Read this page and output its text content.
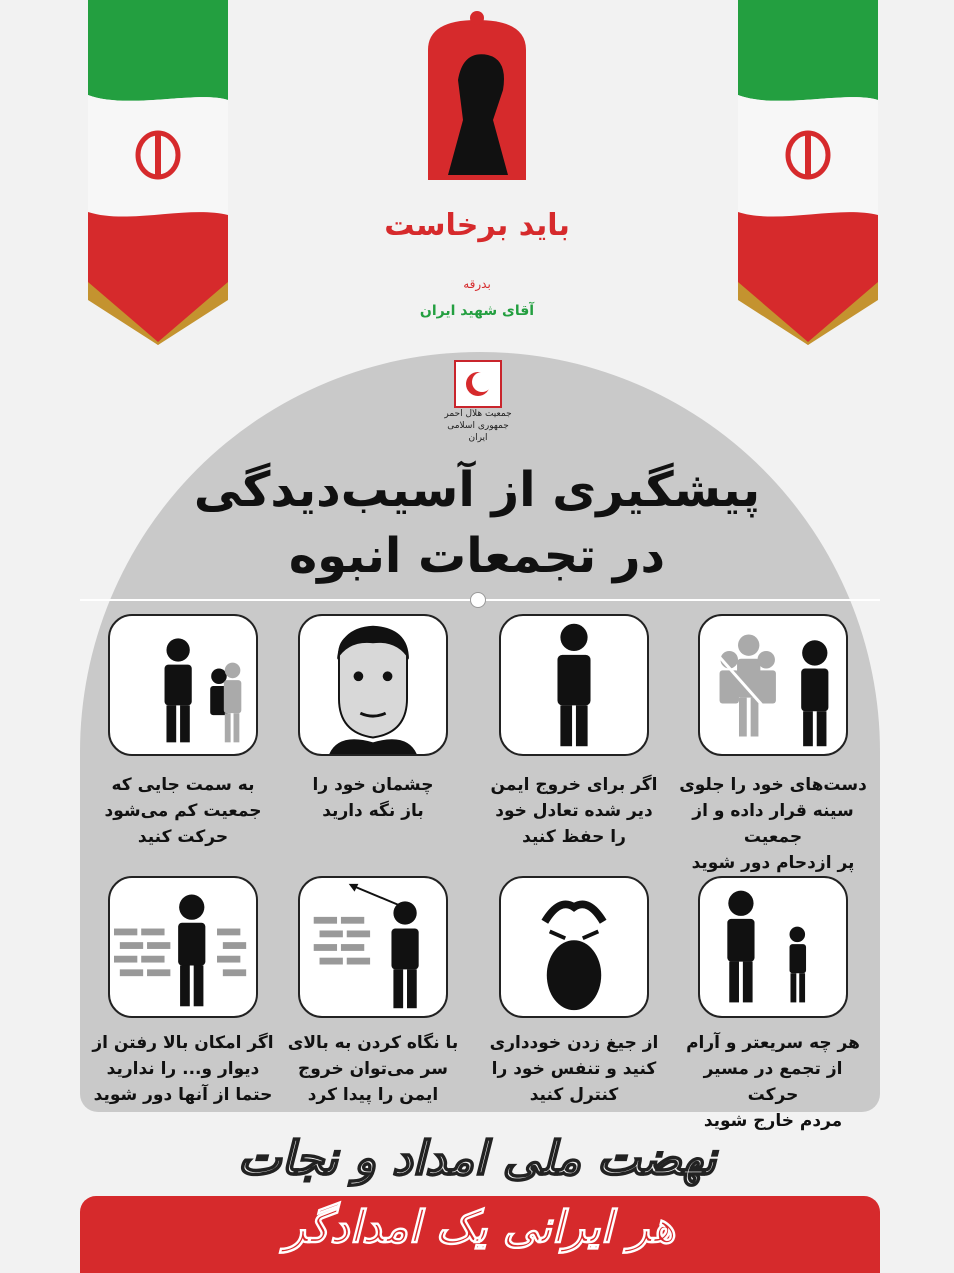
باید برخاست
بدرقه
آقای شهید ایران
جمعیت هلال احمر
جمهوری اسلامی ایران
پیشگیری از آسیب‌دیدگی
در تجمعات انبوه
دست‌های خود را جلوی
سینه قرار داده و از جمعیت
پر ازدحام دور شوید
اگر برای خروج ایمن
دیر شده تعادل خود
را حفظ کنید
چشمان خود را
باز نگه دارید
به سمت جایی که
جمعیت کم می‌شود
حرکت کنید
هر چه سریعتر و آرام
از تجمع در مسیر حرکت
مردم خارج شوید
از جیغ زدن خودداری
کنید و تنفس خود را
کنترل کنید
با نگاه کردن به بالای
سر می‌توان خروج
ایمن را پیدا کرد
اگر امکان بالا رفتن از
دیوار و... را ندارید
حتما از آنها دور شوید
نهضت ملی امداد و نجات
هر ایرانی یک امدادگر
